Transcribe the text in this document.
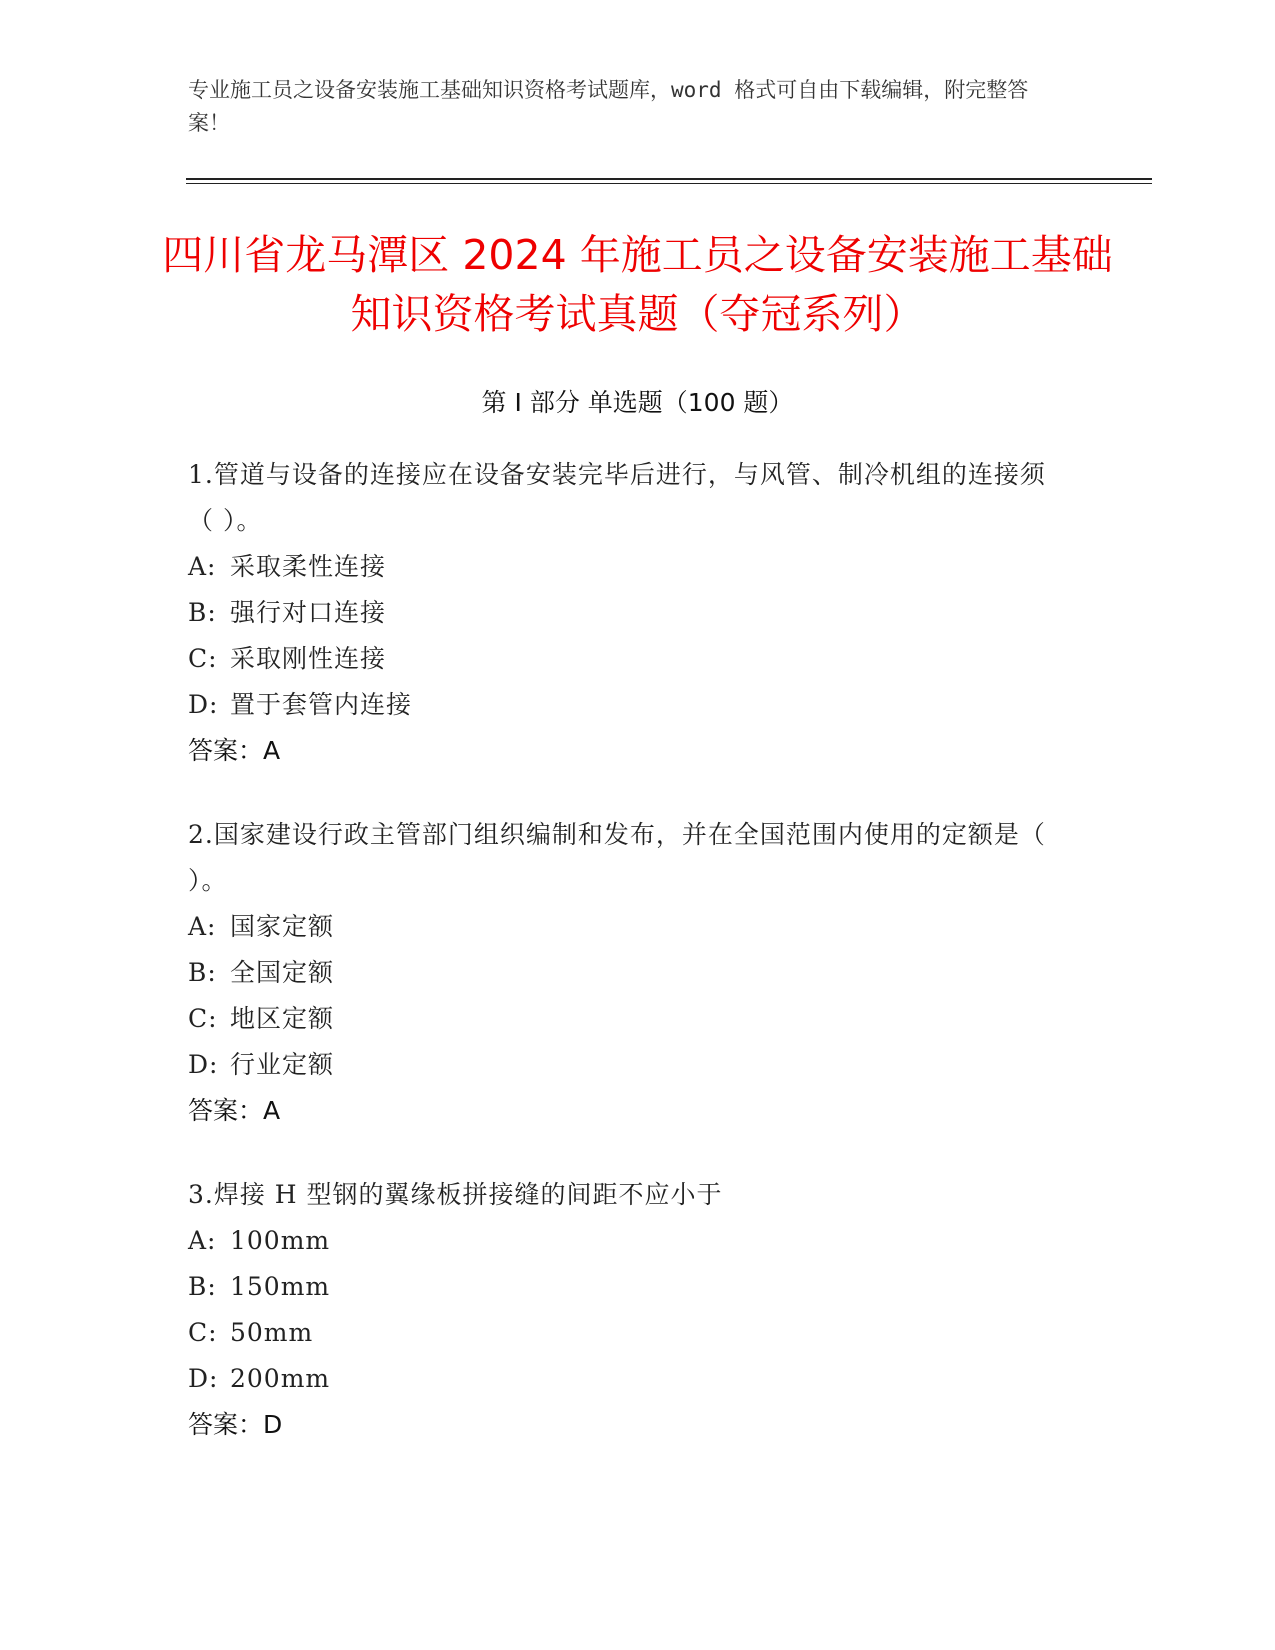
专业施工员之设备安装施工基础知识资格考试题库，word 格式可自由下载编辑，附完整答案！
四川省龙马潭区 2024 年施工员之设备安装施工基础知识资格考试真题（夺冠系列）
第 I 部分 单选题（100 题）
1.管道与设备的连接应在设备安装完毕后进行，与风管、制冷机组的连接须（ ）。
A: 采取柔性连接
B: 强行对口连接
C: 采取刚性连接
D: 置于套管内连接
答案：A
2.国家建设行政主管部门组织编制和发布，并在全国范围内使用的定额是（ ）。
A: 国家定额
B: 全国定额
C: 地区定额
D: 行业定额
答案：A
3.焊接 H 型钢的翼缘板拼接缝的间距不应小于
A: 100mm
B: 150mm
C: 50mm
D: 200mm
答案：D
